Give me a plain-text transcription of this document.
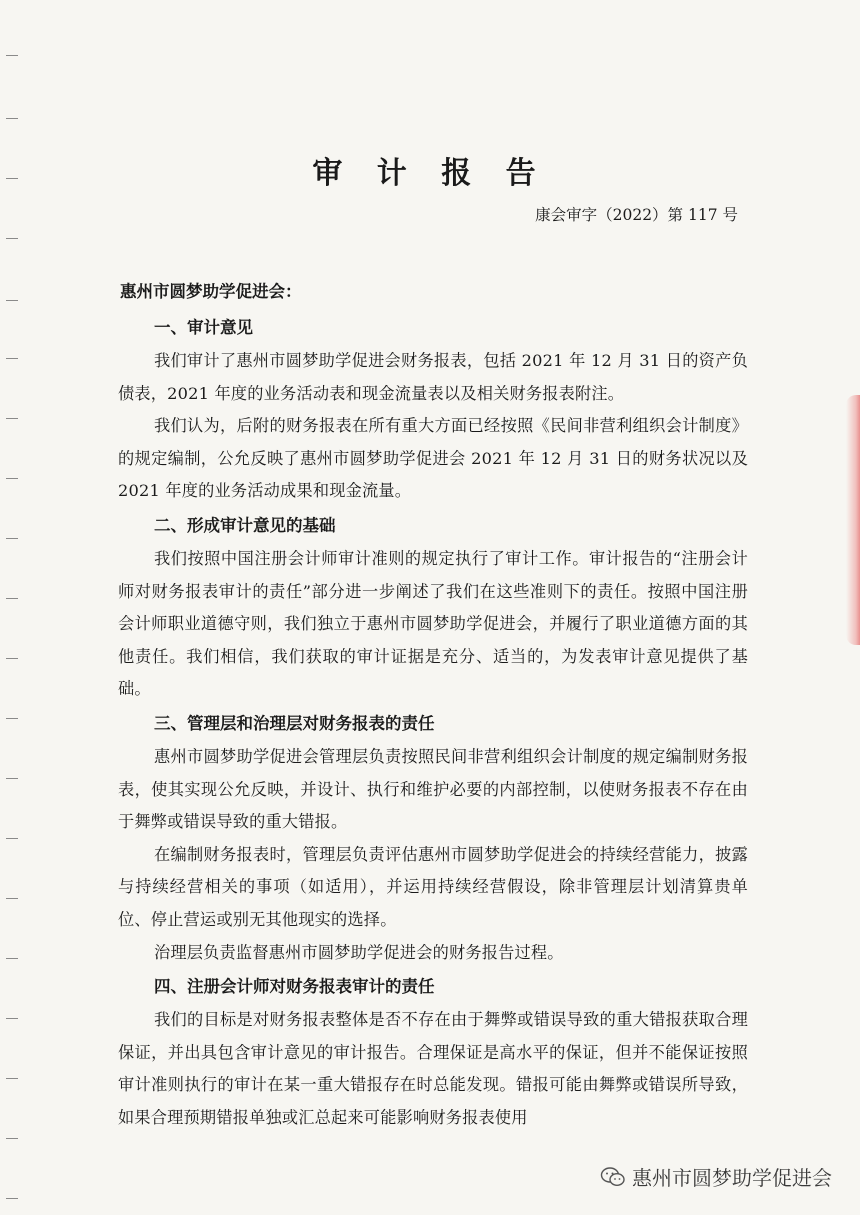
审 计 报 告
康会审字（2022）第 117 号
惠州市圆梦助学促进会：
一、审计意见

我们审计了惠州市圆梦助学促进会财务报表，包括 2021 年 12 月 31 日的资产负债表，2021 年度的业务活动表和现金流量表以及相关财务报表附注。

我们认为，后附的财务报表在所有重大方面已经按照《民间非营利组织会计制度》的规定编制，公允反映了惠州市圆梦助学促进会 2021 年 12 月 31 日的财务状况以及 2021 年度的业务活动成果和现金流量。

二、形成审计意见的基础

我们按照中国注册会计师审计准则的规定执行了审计工作。审计报告的“注册会计师对财务报表审计的责任”部分进一步阐述了我们在这些准则下的责任。按照中国注册会计师职业道德守则，我们独立于惠州市圆梦助学促进会，并履行了职业道德方面的其他责任。我们相信，我们获取的审计证据是充分、适当的，为发表审计意见提供了基础。

三、管理层和治理层对财务报表的责任

惠州市圆梦助学促进会管理层负责按照民间非营利组织会计制度的规定编制财务报表，使其实现公允反映，并设计、执行和维护必要的内部控制，以使财务报表不存在由于舞弊或错误导致的重大错报。

在编制财务报表时，管理层负责评估惠州市圆梦助学促进会的持续经营能力，披露与持续经营相关的事项（如适用），并运用持续经营假设，除非管理层计划清算贵单位、停止营运或别无其他现实的选择。

治理层负责监督惠州市圆梦助学促进会的财务报告过程。

四、注册会计师对财务报表审计的责任

我们的目标是对财务报表整体是否不存在由于舞弊或错误导致的重大错报获取合理保证，并出具包含审计意见的审计报告。合理保证是高水平的保证，但并不能保证按照审计准则执行的审计在某一重大错报存在时总能发现。错报可能由舞弊或错误所导致，如果合理预期错报单独或汇总起来可能影响财务报表使用

惠州市圆梦助学促进会
